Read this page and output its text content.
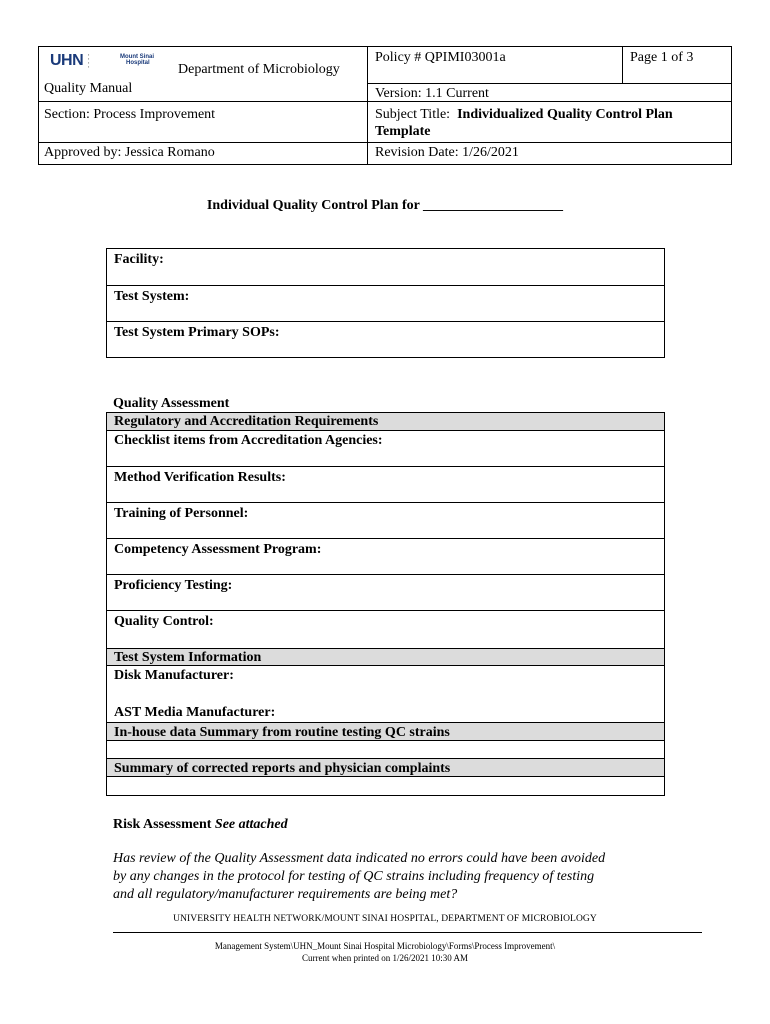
UHN ▪
▪
▪
▪
Mount Sinai
Hospital Department of Microbiology
Policy # QPIMI03001a	Page 1 of 3
Quality Manual	Version: 1.1 Current
Section: Process Improvement	Subject Title:  Individualized Quality Control Plan
Template
Approved by: Jessica Romano	Revision Date: 1/26/2021
Individual Quality Control Plan for ____________________
Facility:
Test System:
Test System Primary SOPs:
Quality Assessment
Regulatory and Accreditation Requirements
Checklist items from Accreditation Agencies:
Method Verification Results:
Training of Personnel:
Competency Assessment Program:
Proficiency Testing:
Quality Control:
Test System Information
Disk Manufacturer:
AST Media Manufacturer:
In-house data Summary from routine testing QC strains
Summary of corrected reports and physician complaints
Risk Assessment See attached
Has review of the Quality Assessment data indicated no errors could have been avoided
by any changes in the protocol for testing of QC strains including frequency of testing
and all regulatory/manufacturer requirements are being met?
UNIVERSITY HEALTH NETWORK/MOUNT SINAI HOSPITAL, DEPARTMENT OF MICROBIOLOGY
Management System\UHN_Mount Sinai Hospital Microbiology\Forms\Process Improvement\
Current when printed on 1/26/2021 10:30 AM
